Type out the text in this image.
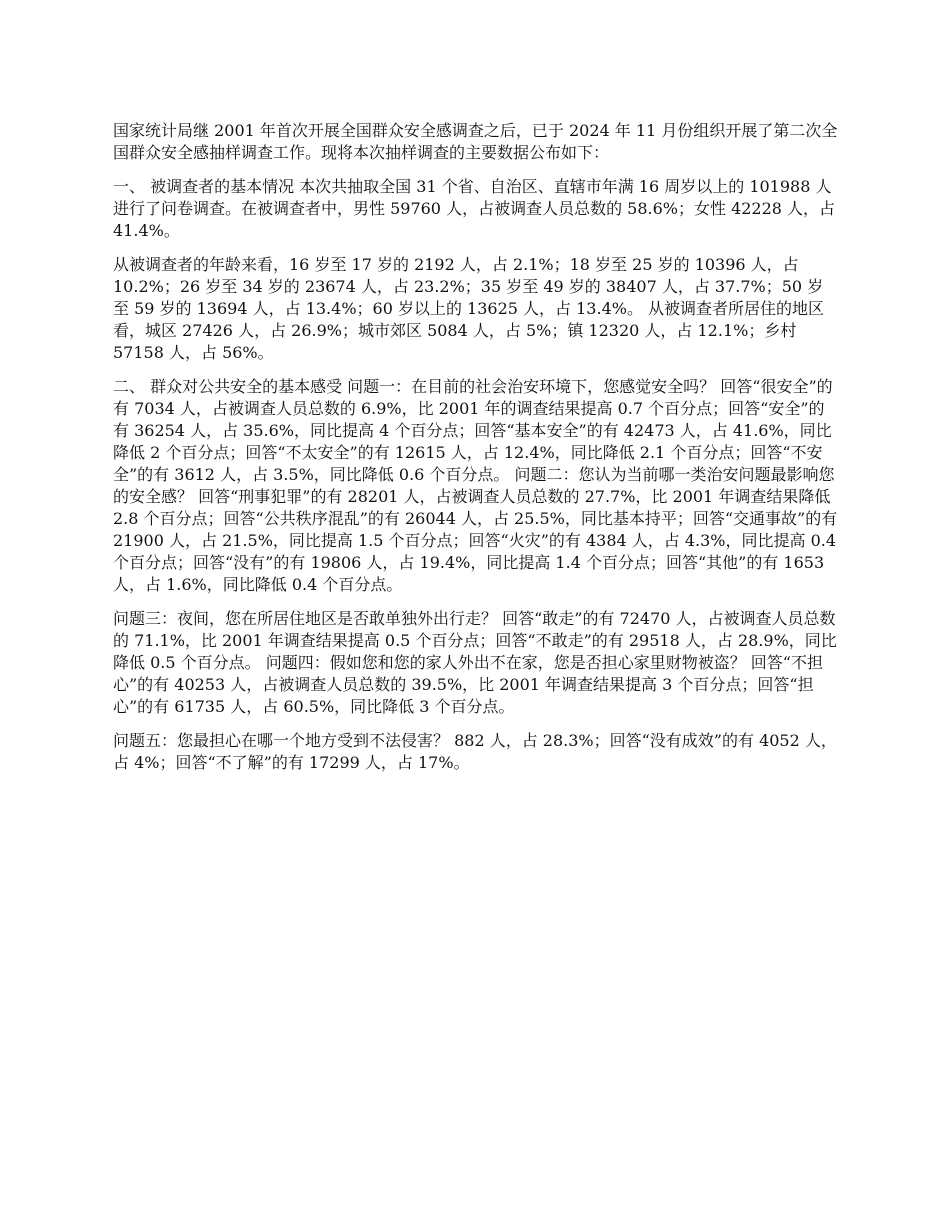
国家统计局继 2001 年首次开展全国群众安全感调查之后，已于 2024 年 11 月份组织开展了第二次全国群众安全感抽样调查工作。现将本次抽样调查的主要数据公布如下：

一、 被调查者的基本情况 本次共抽取全国 31 个省、自治区、直辖市年满 16 周岁以上的 101988 人进行了问卷调查。在被调查者中，男性 59760 人，占被调查人员总数的 58.6%；女性 42228 人，占 41.4%。

从被调查者的年龄来看，16 岁至 17 岁的 2192 人，占 2.1%；18 岁至 25 岁的 10396 人，占 10.2%；26 岁至 34 岁的 23674 人，占 23.2%；35 岁至 49 岁的 38407 人，占 37.7%；50 岁至 59 岁的 13694 人，占 13.4%；60 岁以上的 13625 人，占 13.4%。 从被调查者所居住的地区看，城区 27426 人，占 26.9%；城市郊区 5084 人，占 5%；镇 12320 人，占 12.1%；乡村 57158 人，占 56%。

二、 群众对公共安全的基本感受 问题一：在目前的社会治安环境下，您感觉安全吗？ 回答“很安全”的有 7034 人，占被调查人员总数的 6.9%，比 2001 年的调查结果提高 0.7 个百分点；回答“安全”的有 36254 人，占 35.6%，同比提高 4 个百分点；回答“基本安全”的有 42473 人，占 41.6%，同比降低 2 个百分点；回答“不太安全”的有 12615 人，占 12.4%，同比降低 2.1 个百分点；回答“不安全”的有 3612 人，占 3.5%，同比降低 0.6 个百分点。 问题二：您认为当前哪一类治安问题最影响您的安全感？ 回答“刑事犯罪”的有 28201 人，占被调查人员总数的 27.7%，比 2001 年调查结果降低 2.8 个百分点；回答“公共秩序混乱”的有 26044 人，占 25.5%，同比基本持平；回答“交通事故”的有 21900 人，占 21.5%，同比提高 1.5 个百分点；回答“火灾”的有 4384 人，占 4.3%，同比提高 0.4 个百分点；回答“没有”的有 19806 人，占 19.4%，同比提高 1.4 个百分点；回答“其他”的有 1653 人，占 1.6%，同比降低 0.4 个百分点。

问题三：夜间，您在所居住地区是否敢单独外出行走？ 回答“敢走”的有 72470 人，占被调查人员总数的 71.1%，比 2001 年调查结果提高 0.5 个百分点；回答“不敢走”的有 29518 人，占 28.9%，同比降低 0.5 个百分点。 问题四：假如您和您的家人外出不在家，您是否担心家里财物被盗？ 回答“不担心”的有 40253 人，占被调查人员总数的 39.5%，比 2001 年调查结果提高 3 个百分点；回答“担心”的有 61735 人，占 60.5%，同比降低 3 个百分点。

问题五：您最担心在哪一个地方受到不法侵害？ 882 人，占 28.3%；回答“没有成效”的有 4052 人，占 4%；回答“不了解”的有 17299 人，占 17%。
